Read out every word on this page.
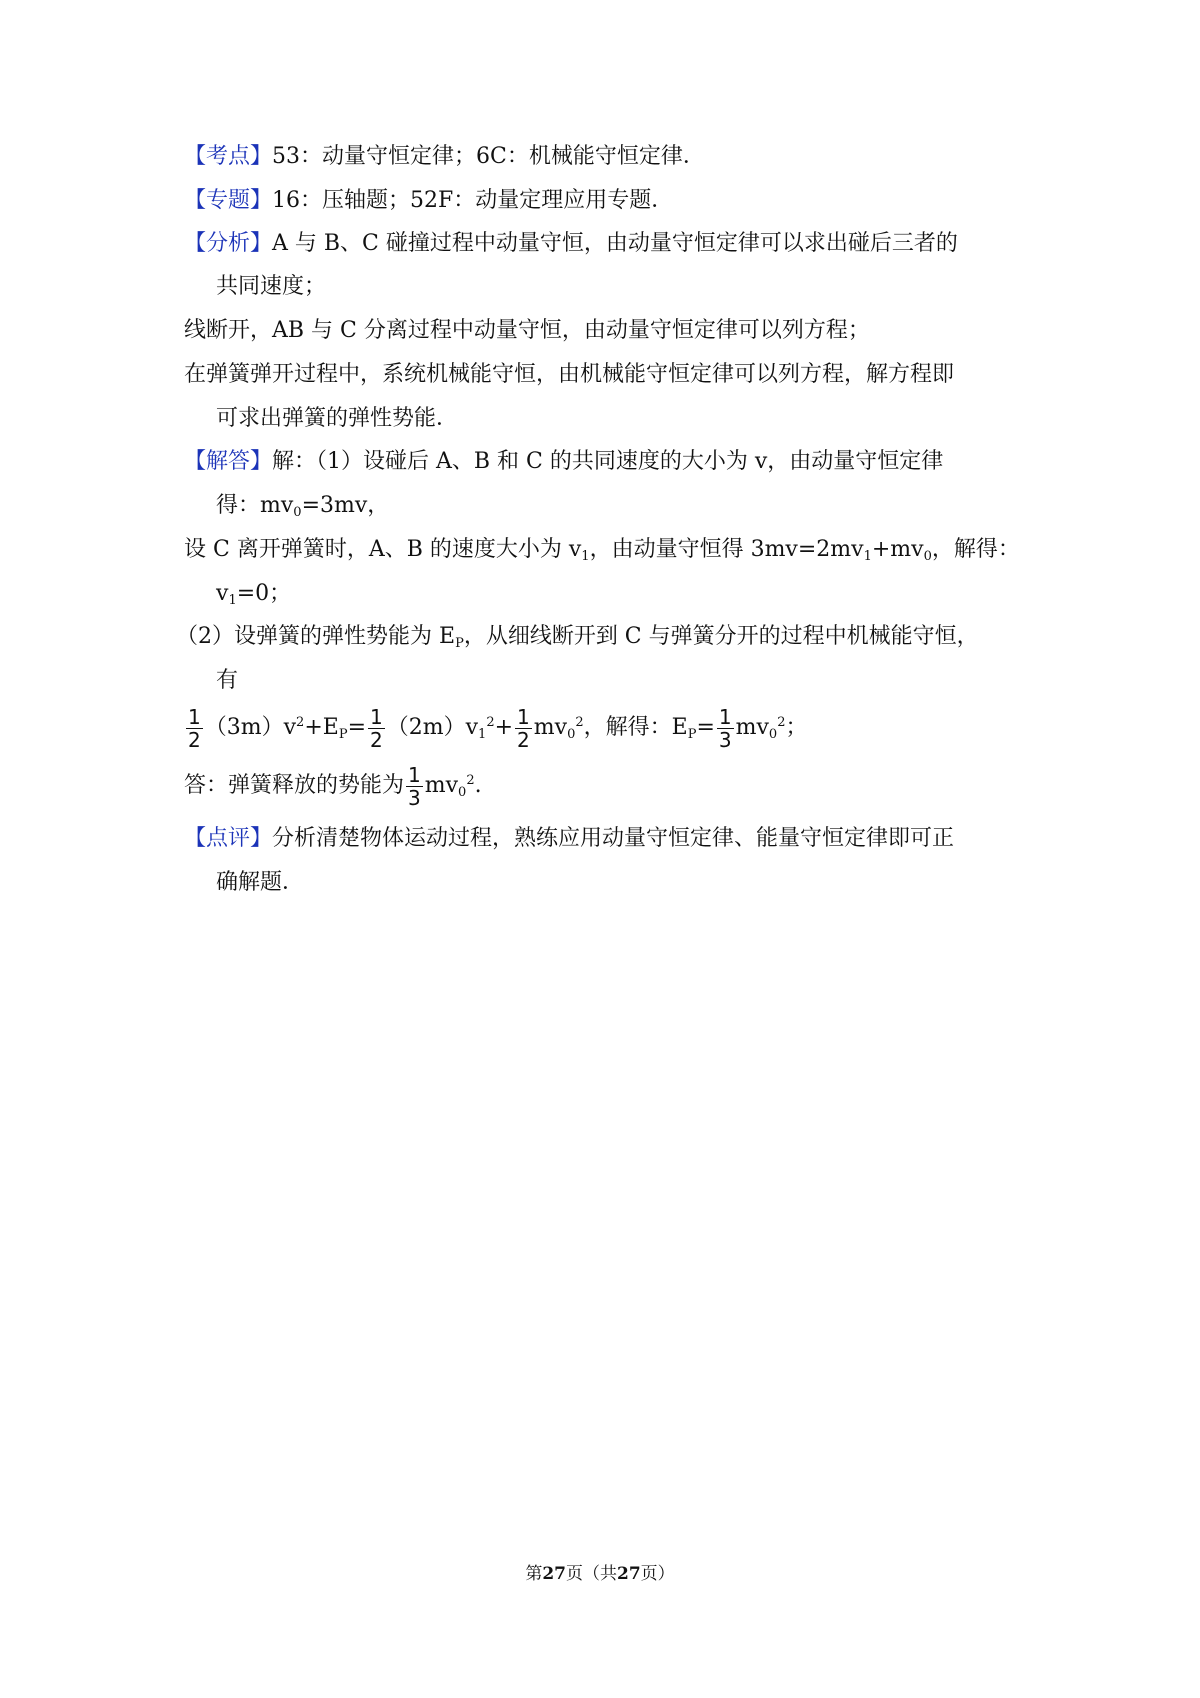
【考点】53：动量守恒定律；6C：机械能守恒定律．
【专题】16：压轴题；52F：动量定理应用专题．
【分析】A 与 B、C 碰撞过程中动量守恒，由动量守恒定律可以求出碰后三者的
共同速度；
线断开，AB 与 C 分离过程中动量守恒，由动量守恒定律可以列方程；
在弹簧弹开过程中，系统机械能守恒，由机械能守恒定律可以列方程，解方程即
可求出弹簧的弹性势能．
【解答】解：（1）设碰后 A、B 和 C 的共同速度的大小为 v，由动量守恒定律
得：$mv_0=3mv$，
设 C 离开弹簧时，A、B 的速度大小为 $v_1$，由动量守恒得 $3mv=2mv_1+mv_0$，解得：
$v_1=0$；
（2）设弹簧的弹性势能为 $E_P$，从细线断开到 C 与弹簧分开的过程中机械能守恒，
有
$\frac{1}{2} (3m)v^2+E_P= \frac{1}{2} (2m)v_1^2+ \frac{1}{2} mv_0^2$，解得：$E_P= \frac{1}{3} mv_0^2$；
答：弹簧释放的势能为 $\frac{1}{3} mv_0^2$.
【点评】分析清楚物体运动过程，熟练应用动量守恒定律、能量守恒定律即可正
确解题．
第27页（共27页）
